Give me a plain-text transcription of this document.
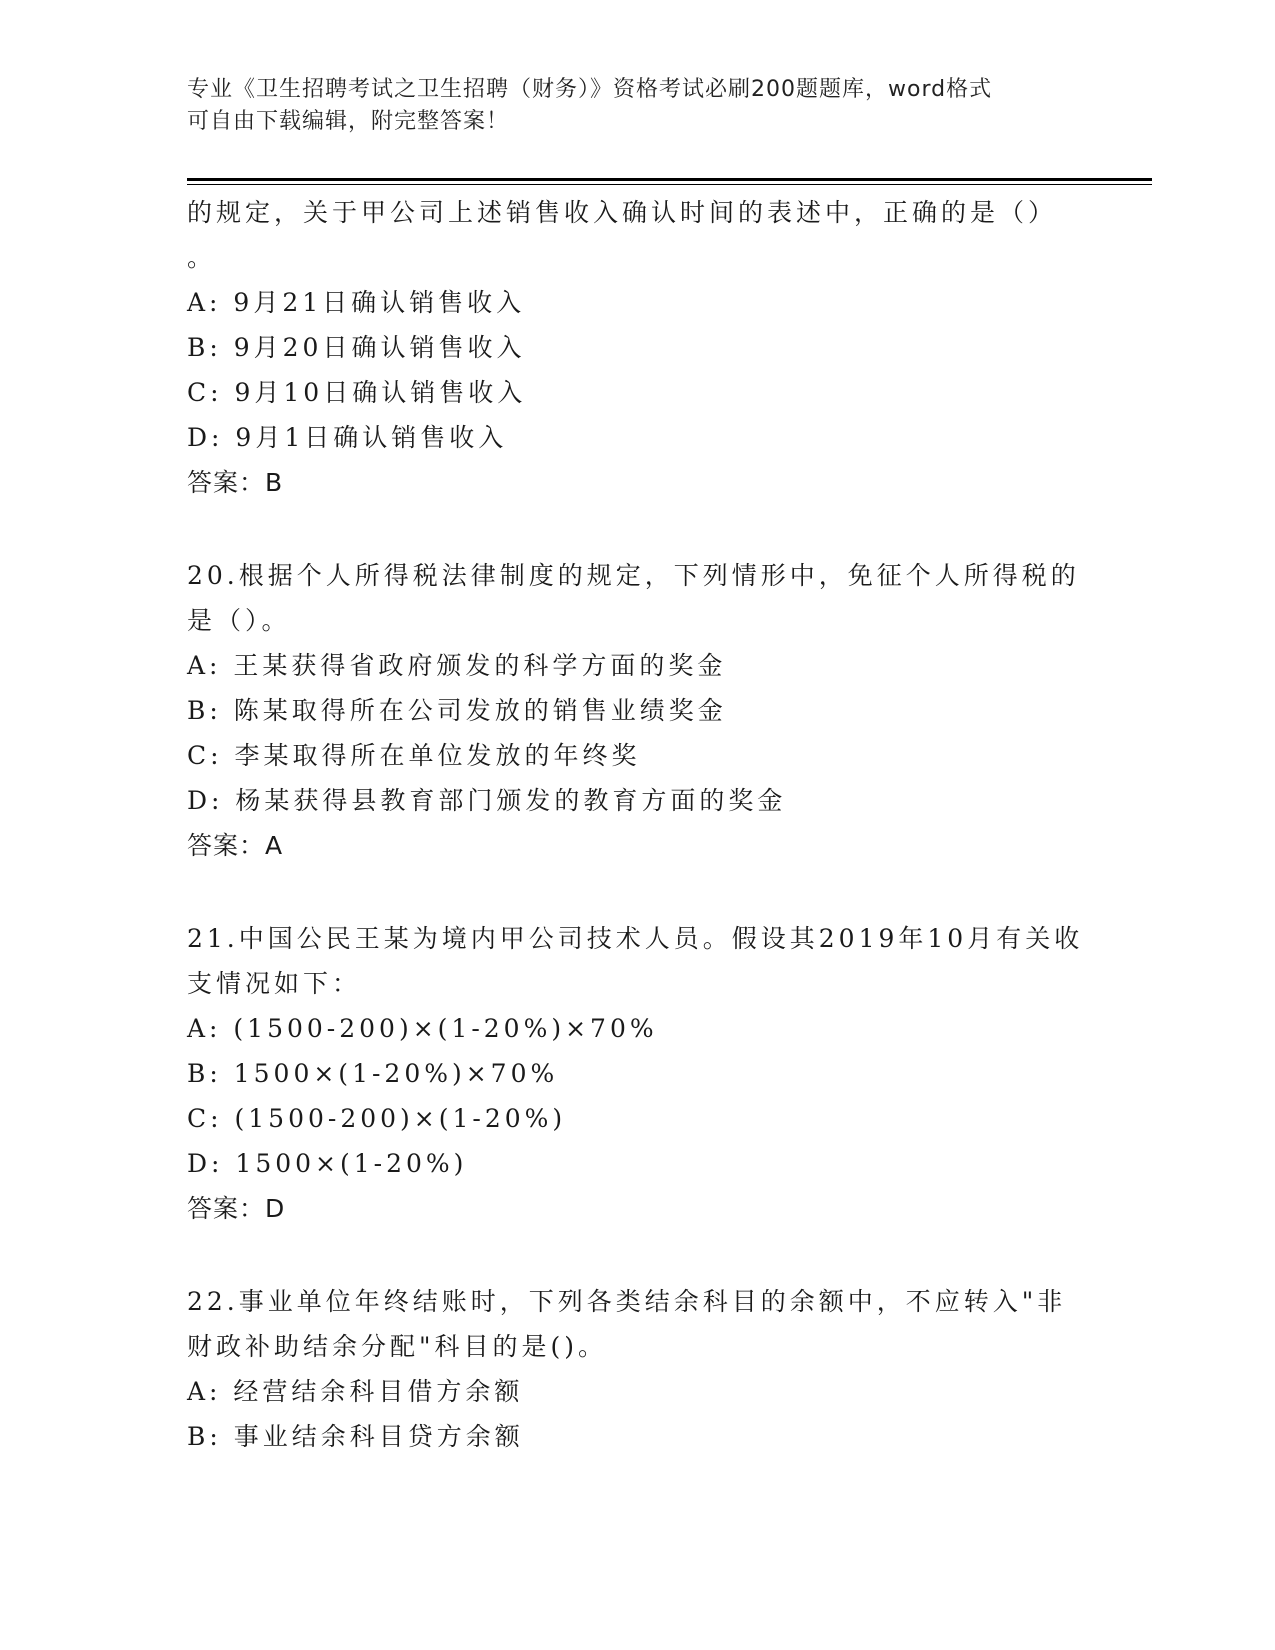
专业《卫生招聘考试之卫生招聘（财务）》资格考试必刷200题题库，word格式
可自由下载编辑，附完整答案！
的规定，关于甲公司上述销售收入确认时间的表述中，正确的是（）
。
A: 9月21日确认销售收入
B: 9月20日确认销售收入
C: 9月10日确认销售收入
D: 9月1日确认销售收入
答案：B
20.根据个人所得税法律制度的规定，下列情形中，免征个人所得税的
是（）。
A: 王某获得省政府颁发的科学方面的奖金
B: 陈某取得所在公司发放的销售业绩奖金
C: 李某取得所在单位发放的年终奖
D: 杨某获得县教育部门颁发的教育方面的奖金
答案：A
21.中国公民王某为境内甲公司技术人员。假设其2019年10月有关收
支情况如下：
A: (1500-200)×(1-20%)×70%
B: 1500×(1-20%)×70%
C: (1500-200)×(1-20%)
D: 1500×(1-20%)
答案：D
22.事业单位年终结账时，下列各类结余科目的余额中，不应转入"非
财政补助结余分配"科目的是()。
A: 经营结余科目借方余额
B: 事业结余科目贷方余额
